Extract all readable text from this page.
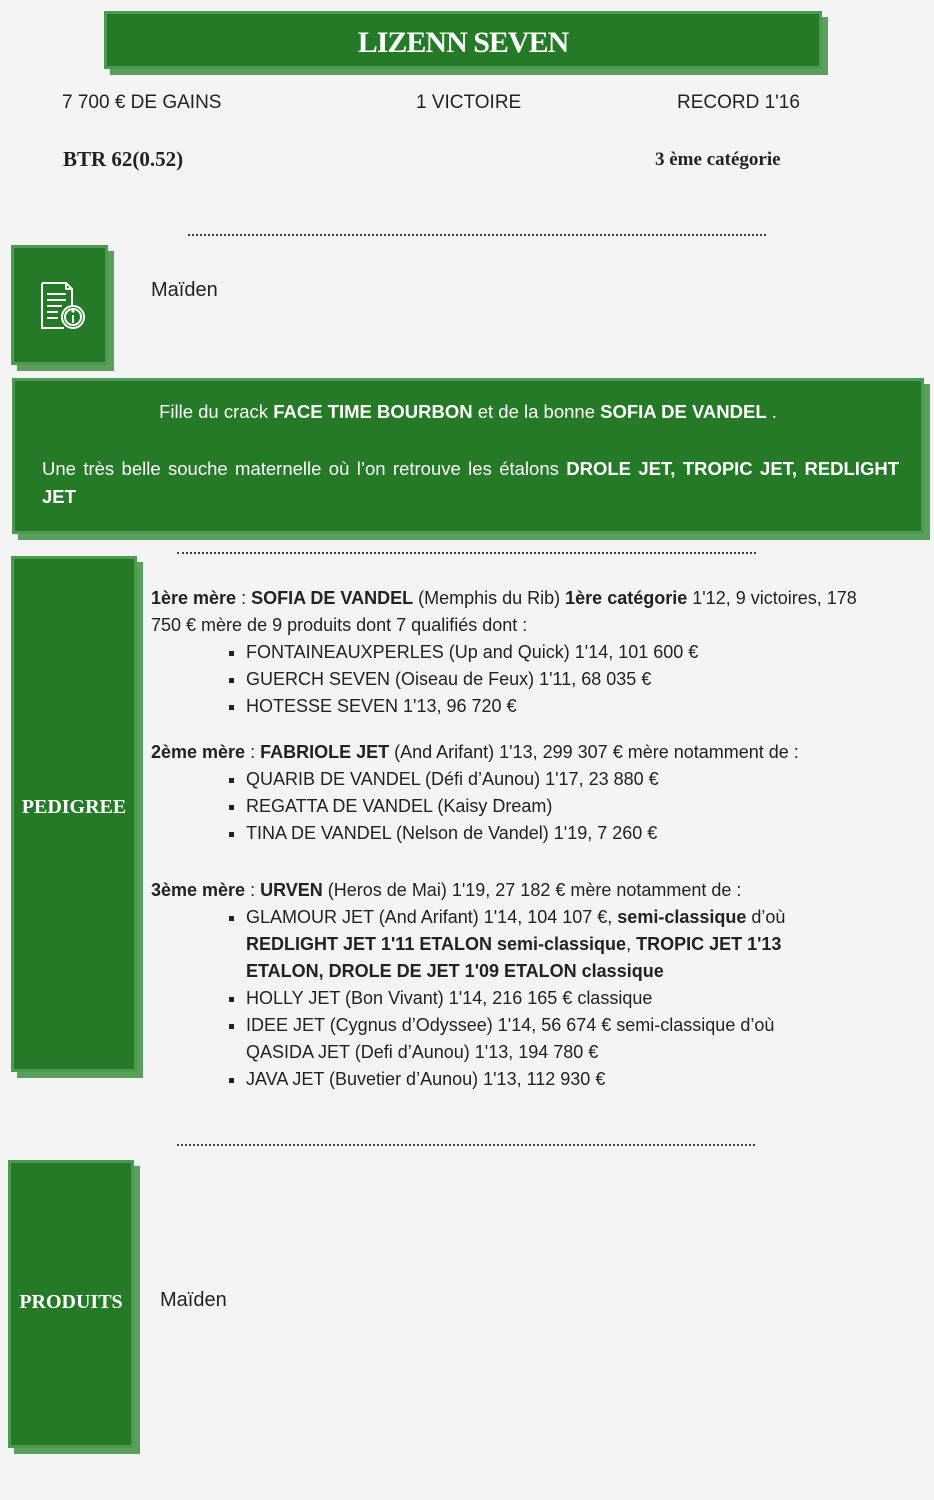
LIZENN SEVEN
7 700 € DE GAINS	1 VICTOIRE	RECORD 1'16
BTR 62(0.52)	3 ème catégorie
Maïden
Fille du crack FACE TIME BOURBON et de la bonne SOFIA DE VANDEL .
Une très belle souche maternelle où l’on retrouve les étalons DROLE JET, TROPIC JET, REDLIGHT JET
PEDIGREE

1ère mère : SOFIA DE VANDEL (Memphis du Rib) 1ère catégorie 1'12, 9 victoires, 178 750 € mère de 9 produits dont 7 qualifiés dont :

▪ FONTAINEAUXPERLES (Up and Quick) 1'14, 101 600 €
▪ GUERCH SEVEN (Oiseau de Feux) 1'11, 68 035 €
▪ HOTESSE SEVEN 1'13, 96 720 €

2ème mère : FABRIOLE JET (And Arifant) 1'13, 299 307 € mère notamment de :

▪ QUARIB DE VANDEL (Défi d’Aunou) 1'17, 23 880 €
▪ REGATTA DE VANDEL (Kaisy Dream)
▪ TINA DE VANDEL (Nelson de Vandel) 1'19, 7 260 €

3ème mère : URVEN (Heros de Mai) 1'19, 27 182 € mère notamment de :

▪ GLAMOUR JET (And Arifant) 1'14, 104 107 €, semi-classique d’où REDLIGHT JET 1'11 ETALON semi-classique, TROPIC JET 1'13 ETALON, DROLE DE JET 1'09 ETALON classique
▪ HOLLY JET (Bon Vivant) 1'14, 216 165 € classique
▪ IDEE JET (Cygnus d’Odyssee) 1'14, 56 674 € semi-classique d’où QASIDA JET (Defi d’Aunou) 1'13, 194 780 €
▪ JAVA JET (Buvetier d’Aunou) 1'13, 112 930 €
PRODUITS	Maïden
